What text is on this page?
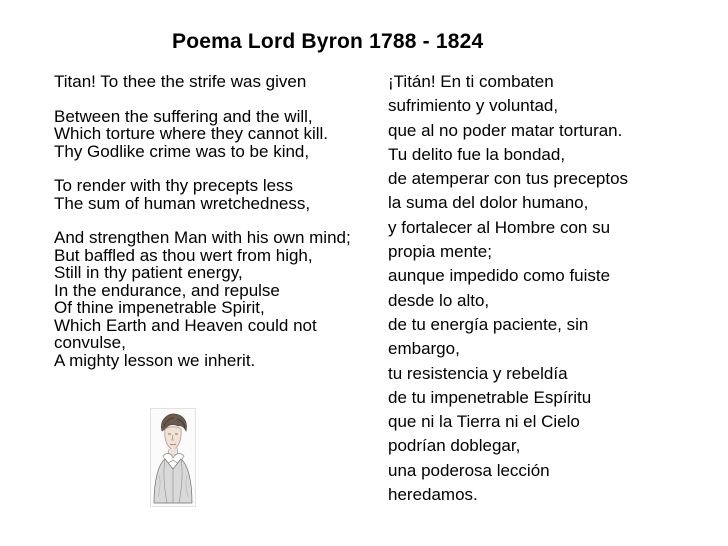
Poema Lord Byron 1788 - 1824

Titan! To thee the strife was given

Between the suffering and the will,

Which torture where they cannot kill.

Thy Godlike crime was to be kind,

To render with thy precepts less

The sum of human wretchedness,

And strengthen Man with his own mind;

But baffled as thou wert from high,

Still in thy patient energy,

In the endurance, and repulse

Of thine impenetrable Spirit,

Which Earth and Heaven could not convulse,

A mighty lesson we inherit.

¡Titán! En ti combaten

sufrimiento y voluntad,

que al no poder matar torturan.

Tu delito fue la bondad,

de atemperar con tus preceptos

la suma del dolor humano,

y fortalecer al Hombre con su

propia mente;

aunque impedido como fuiste

desde lo alto,

de tu energía paciente, sin

embargo,

tu resistencia y rebeldía

de tu impenetrable Espíritu

que ni la Tierra ni el Cielo

podrían doblegar,

una poderosa lección

heredamos.
